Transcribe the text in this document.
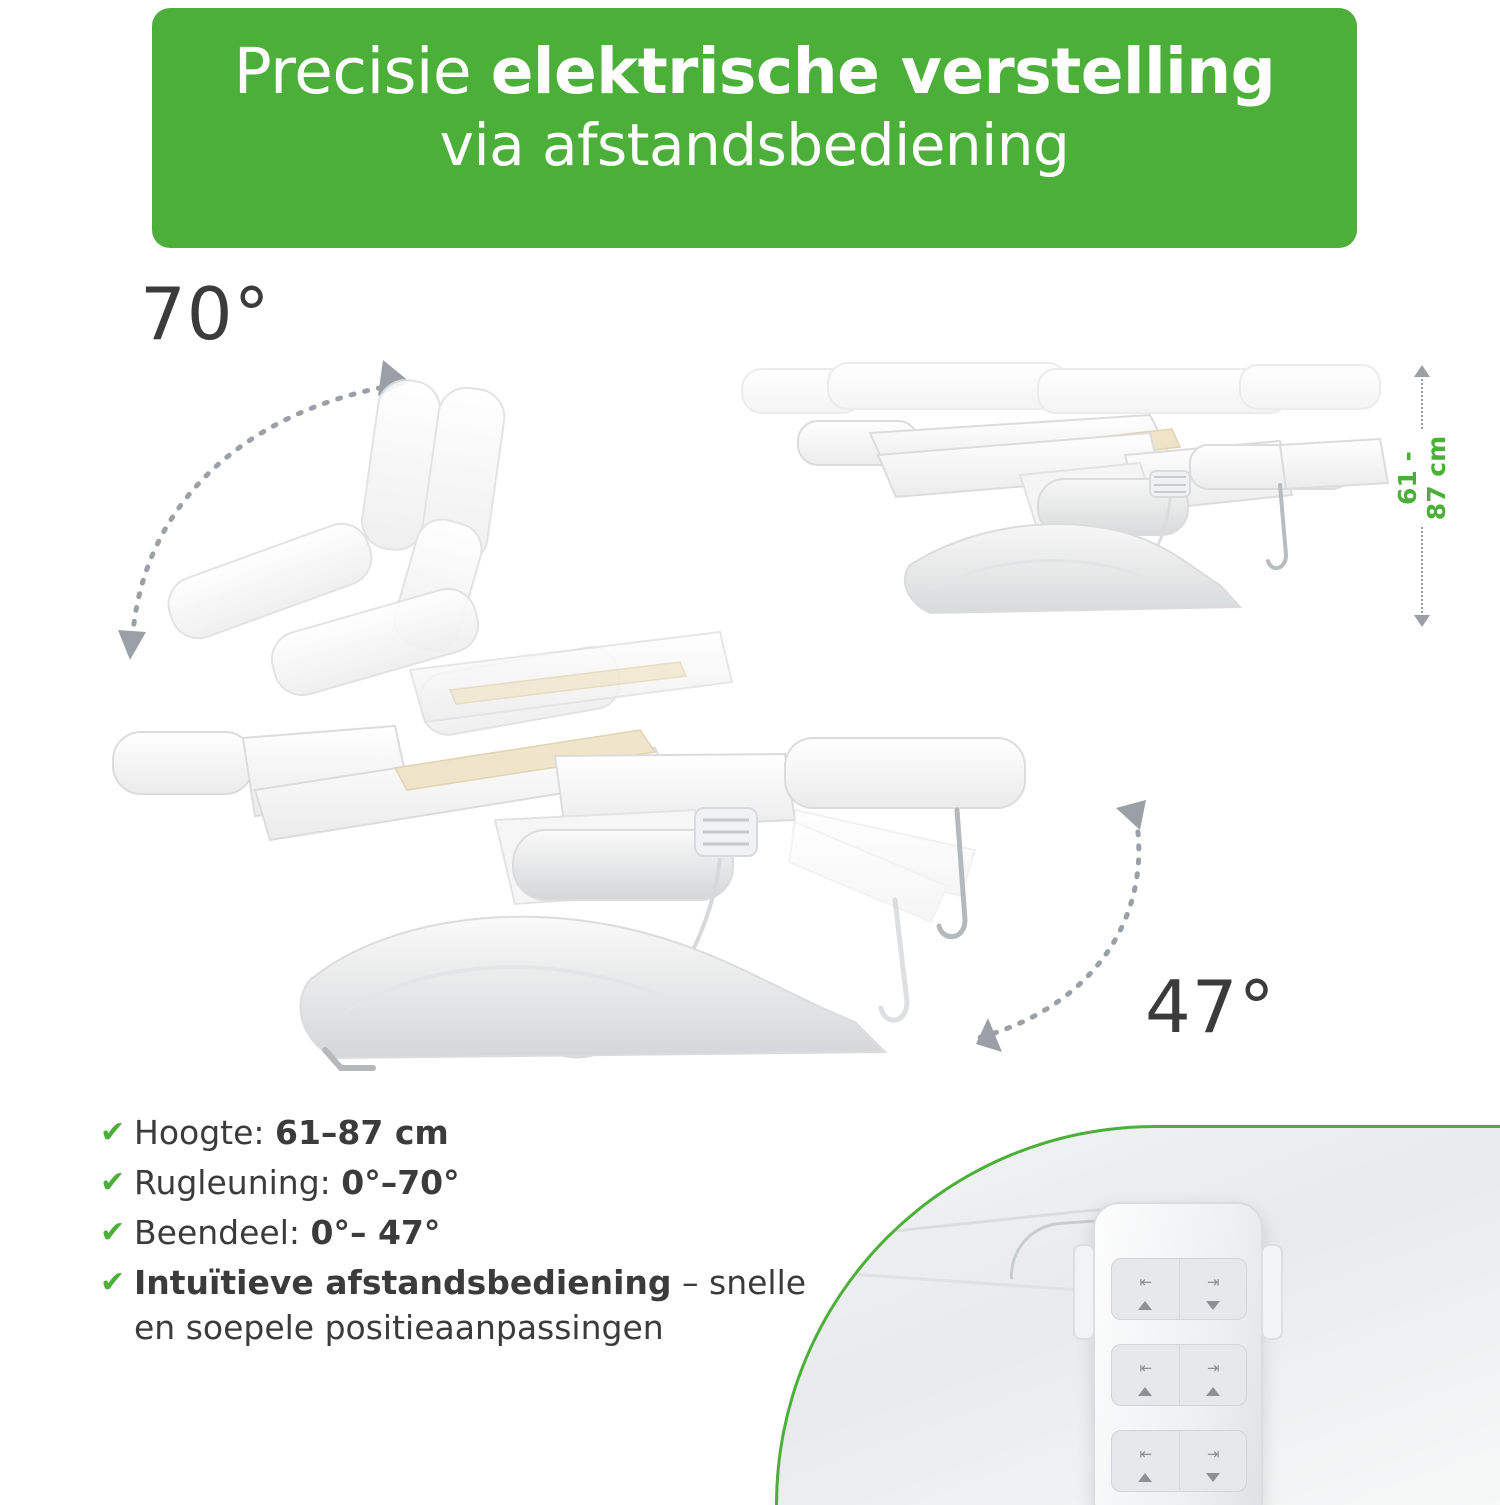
Precisie elektrische verstelling
via afstandsbediening
70°
47°
61 - 87 cm
✔ Hoogte: 61–87 cm
✔ Rugleuning: 0°–70°
✔ Beendeel: 0°– 47°
✔ Intuïtieve afstandsbediening – snelle
en soepele positieaanpassingen
⇤	⇥
⇤	⇥
⇤	⇥
